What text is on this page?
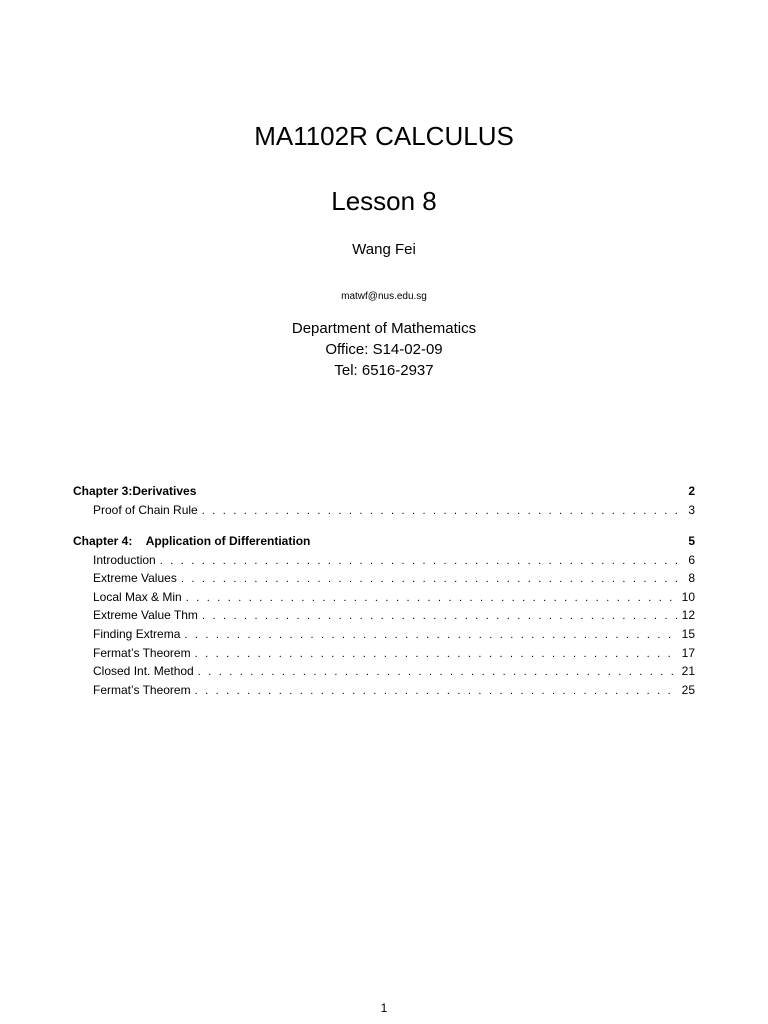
MA1102R CALCULUS
Lesson 8
Wang Fei
matwf@nus.edu.sg
Department of Mathematics
Office: S14-02-09
Tel: 6516-2937
Chapter 3: Derivatives	2
Proof of Chain Rule . . .	3
Chapter 4: Application of Differentiation	5
Introduction . . .	6
Extreme Values . . .	8
Local Max & Min . . .	10
Extreme Value Thm . . .	12
Finding Extrema . . .	15
Fermat’s Theorem . . .	17
Closed Int. Method . . .	21
Fermat’s Theorem . . .	25
1
